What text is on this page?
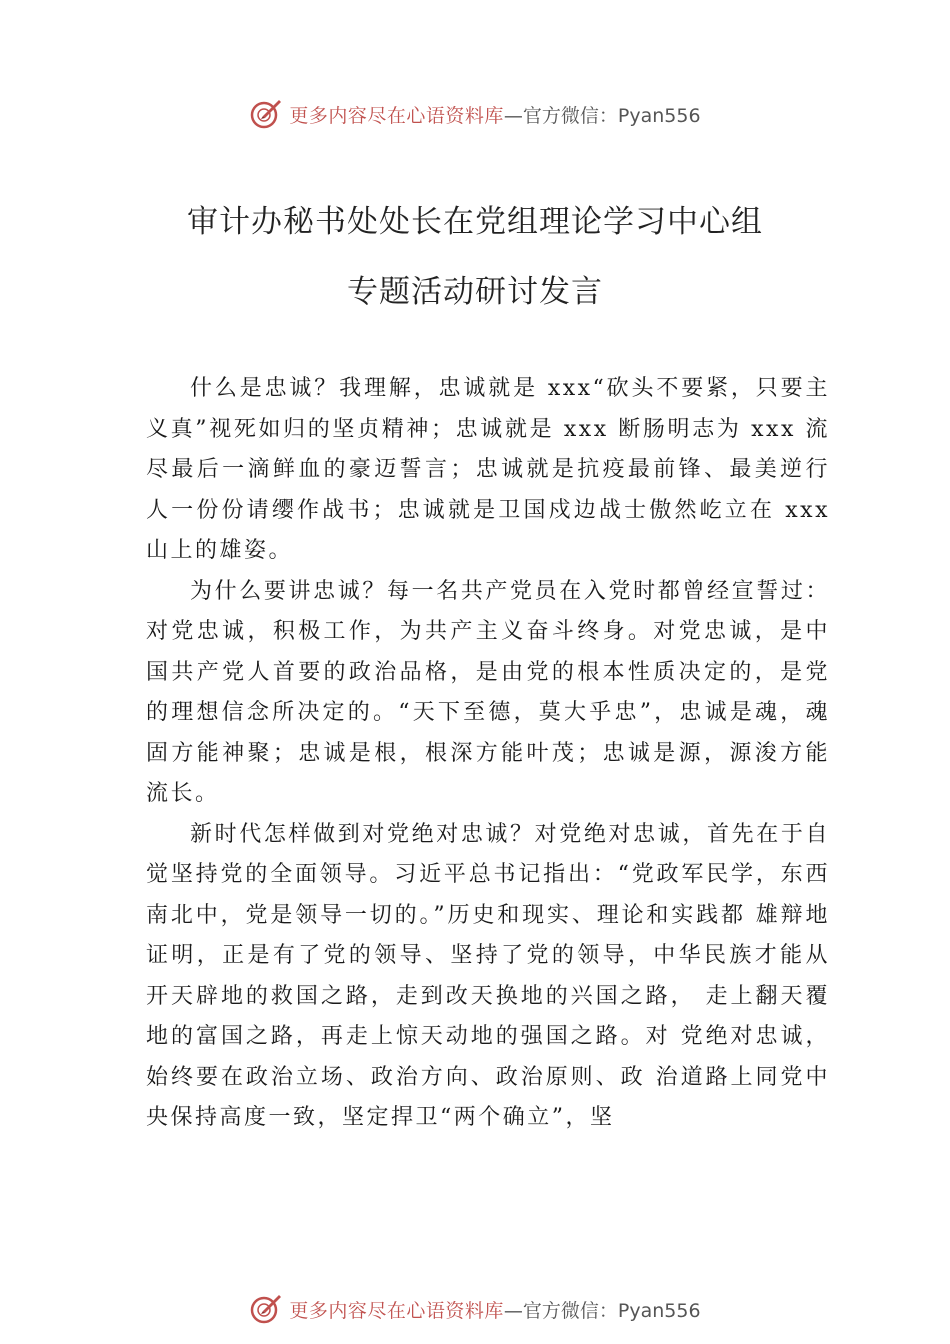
更多内容尽在心语资料库 —官方微信：Pyan556
审计办秘书处处长在党组理论学习中心组
专题活动研讨发言

什么是忠诚？我理解，忠诚就是 xxx“砍头不要紧，只要主义真”视死如归的坚贞精神；忠诚就是 xxx 断肠明志为 xxx 流尽最后一滴鲜血的豪迈誓言；忠诚就是抗疫最前锋、最美逆行人一份份请缨作战书；忠诚就是卫国戍边战士傲然屹立在 xxx 山上的雄姿。

为什么要讲忠诚？每一名共产党员在入党时都曾经宣誓过：对党忠诚，积极工作，为共产主义奋斗终身。对党忠诚，是中国共产党人首要的政治品格，是由党的根本性质决定的，是党的理想信念所决定的。“天下至德，莫大乎忠”，忠诚是魂，魂固方能神聚；忠诚是根，根深方能叶茂；忠诚是源，源浚方能流长。

新时代怎样做到对党绝对忠诚？对党绝对忠诚，首先在于自觉坚持党的全面领导。习近平总书记指出：“党政军民学，东西南北中，党是领导一切的。”历史和现实、理论和实践都 雄辩地证明，正是有了党的领导、坚持了党的领导，中华民族才能从开天辟地的救国之路，走到改天换地的兴国之路， 走上翻天覆地的富国之路，再走上惊天动地的强国之路。对 党绝对忠诚，始终要在政治立场、政治方向、政治原则、政 治道路上同党中央保持高度一致，坚定捍卫“两个确立”，坚

更多内容尽在心语资料库 —官方微信：Pyan556
